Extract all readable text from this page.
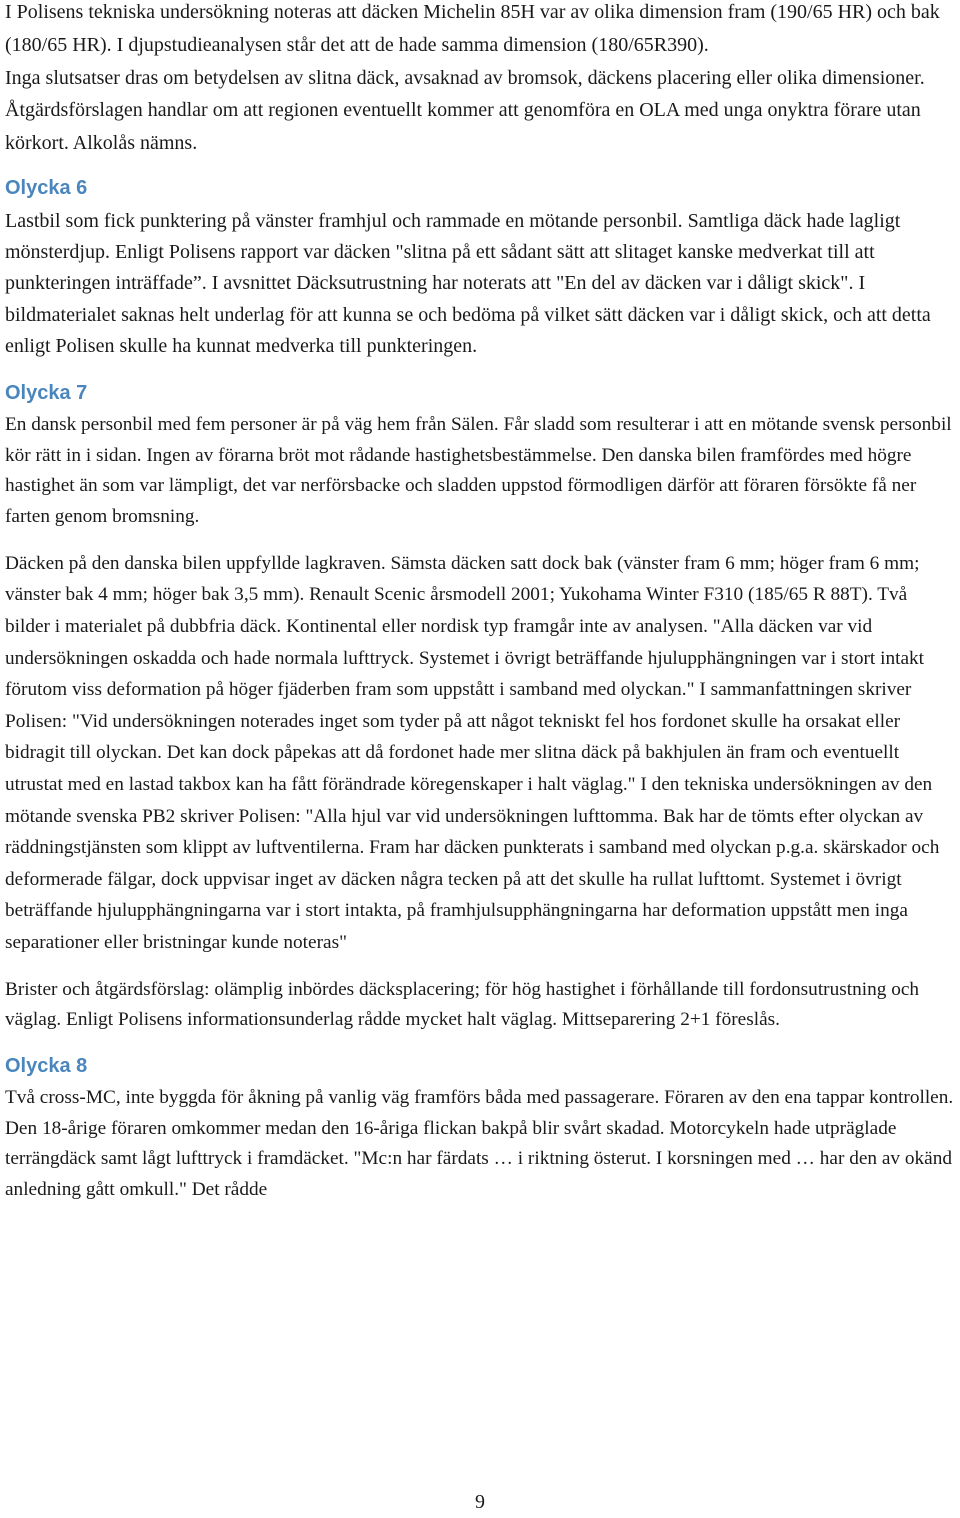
I Polisens tekniska undersökning noteras att däcken Michelin 85H var av olika dimension fram (190/65 HR) och bak (180/65 HR). I djupstudieanalysen står det att de hade samma dimension (180/65R390).

Inga slutsatser dras om betydelsen av slitna däck, avsaknad av bromsok, däckens placering eller olika dimensioner.

Åtgärdsförslagen handlar om att regionen eventuellt kommer att genomföra en OLA med unga onyktra förare utan körkort. Alkolås nämns.

Olycka 6

Lastbil som fick punktering på vänster framhjul och rammade en mötande personbil. Samtliga däck hade lagligt mönsterdjup. Enligt Polisens rapport var däcken "slitna på ett sådant sätt att slitaget kanske medverkat till att punkteringen inträffade”. I avsnittet Däcksutrustning har noterats att "En del av däcken var i dåligt skick". I bildmaterialet saknas helt underlag för att kunna se och bedöma på vilket sätt däcken var i dåligt skick, och att detta enligt Polisen skulle ha kunnat medverka till punkteringen.

Olycka 7

En dansk personbil med fem personer är på väg hem från Sälen. Får sladd som resulterar i att en mötande svensk personbil kör rätt in i sidan. Ingen av förarna bröt mot rådande hastighetsbestämmelse. Den danska bilen framfördes med högre hastighet än som var lämpligt, det var nerförsbacke och sladden uppstod förmodligen därför att föraren försökte få ner farten genom bromsning.

Däcken på den danska bilen uppfyllde lagkraven. Sämsta däcken satt dock bak (vänster fram 6 mm; höger fram 6 mm; vänster bak 4 mm; höger bak 3,5 mm). Renault Scenic årsmodell 2001; Yukohama Winter F310 (185/65 R 88T). Två bilder i materialet på dubbfria däck. Kontinental eller nordisk typ framgår inte av analysen. "Alla däcken var vid undersökningen oskadda och hade normala lufttryck. Systemet i övrigt beträffande hjulupphängningen var i stort intakt förutom viss deformation på höger fjäderben fram som uppstått i samband med olyckan." I sammanfattningen skriver Polisen: "Vid undersökningen noterades inget som tyder på att något tekniskt fel hos fordonet skulle ha orsakat eller bidragit till olyckan. Det kan dock påpekas att då fordonet hade mer slitna däck på bakhjulen än fram och eventuellt utrustat med en lastad takbox kan ha fått förändrade köregenskaper i halt väglag." I den tekniska undersökningen av den mötande svenska PB2 skriver Polisen: "Alla hjul var vid undersökningen lufttomma. Bak har de tömts efter olyckan av räddningstjänsten som klippt av luftventilerna. Fram har däcken punkterats i samband med olyckan p.g.a. skärskador och deformerade fälgar, dock uppvisar inget av däcken några tecken på att det skulle ha rullat lufttomt. Systemet i övrigt beträffande hjulupphängningarna var i stort intakta, på framhjulsupphängningarna har deformation uppstått men inga separationer eller bristningar kunde noteras"

Brister och åtgärdsförslag: olämplig inbördes däcksplacering; för hög hastighet i förhållande till fordonsutrustning och väglag. Enligt Polisens informationsunderlag rådde mycket halt väglag. Mittseparering 2+1 föreslås.

Olycka 8

Två cross-MC, inte byggda för åkning på vanlig väg framförs båda med passagerare. Föraren av den ena tappar kontrollen. Den 18-årige föraren omkommer medan den 16-åriga flickan bakpå blir svårt skadad. Motorcykeln hade utpräglade terrängdäck samt lågt lufttryck i framdäcket. "Mc:n har färdats … i riktning österut. I korsningen med … har den av okänd anledning gått omkull." Det rådde

9
